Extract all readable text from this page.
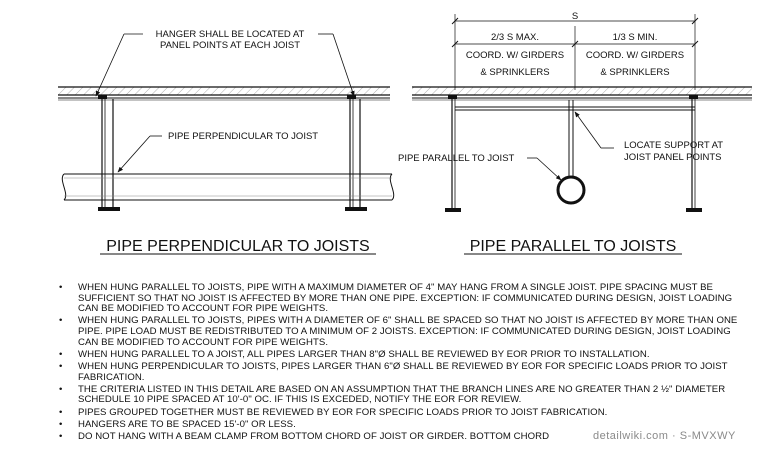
HANGER SHALL BE LOCATED AT
PANEL POINTS AT EACH JOIST
PIPE PERPENDICULAR TO JOIST
PIPE PERPENDICULAR TO JOISTS
S
2/3 S MAX.	1/3 S MIN.
COORD. W/ GIRDERS
& SPRINKLERS
COORD. W/ GIRDERS
& SPRINKLERS
LOCATE SUPPORT AT
JOIST PANEL POINTS
PIPE PARALLEL TO JOIST
PIPE PARALLEL TO JOISTS
• WHEN HUNG PARALLEL TO JOISTS, PIPE WITH A MAXIMUM DIAMETER OF 4" MAY HANG FROM A SINGLE JOIST. PIPE SPACING MUST BE SUFFICIENT SO THAT NO JOIST IS AFFECTED BY MORE THAN ONE PIPE. EXCEPTION: IF COMMUNICATED DURING DESIGN, JOIST LOADING CAN BE MODIFIED TO ACCOUNT FOR PIPE WEIGHTS.
• WHEN HUNG PARALLEL TO JOISTS, PIPES WITH A DIAMETER OF 6" SHALL BE SPACED SO THAT NO JOIST IS AFFECTED BY MORE THAN ONE PIPE. PIPE LOAD MUST BE REDISTRIBUTED TO A MINIMUM OF 2 JOISTS. EXCEPTION: IF COMMUNICATED DURING DESIGN, JOIST LOADING CAN BE MODIFIED TO ACCOUNT FOR PIPE WEIGHTS.
• WHEN HUNG PARALLEL TO A JOIST, ALL PIPES LARGER THAN 8"Ø SHALL BE REVIEWED BY EOR PRIOR TO INSTALLATION.
• WHEN HUNG PERPENDICULAR TO JOISTS, PIPES LARGER THAN 6"Ø SHALL BE REVIEWED BY EOR FOR SPECIFIC LOADS PRIOR TO JOIST FABRICATION.
• THE CRITERIA LISTED IN THIS DETAIL ARE BASED ON AN ASSUMPTION THAT THE BRANCH LINES ARE NO GREATER THAN 2 ½" DIAMETER SCHEDULE 10 PIPE SPACED AT 10'-0" OC. IF THIS IS EXCEDED, NOTIFY THE EOR FOR REVIEW.
• PIPES GROUPED TOGETHER MUST BE REVIEWED BY EOR FOR SPECIFIC LOADS PRIOR TO JOIST FABRICATION.
• HANGERS ARE TO BE SPACED 15'-0" OR LESS.
• DO NOT HANG WITH A BEAM CLAMP FROM BOTTOM CHORD OF JOIST OR GIRDER. BOTTOM CHORD	detailwiki.com · S-MVXWY
